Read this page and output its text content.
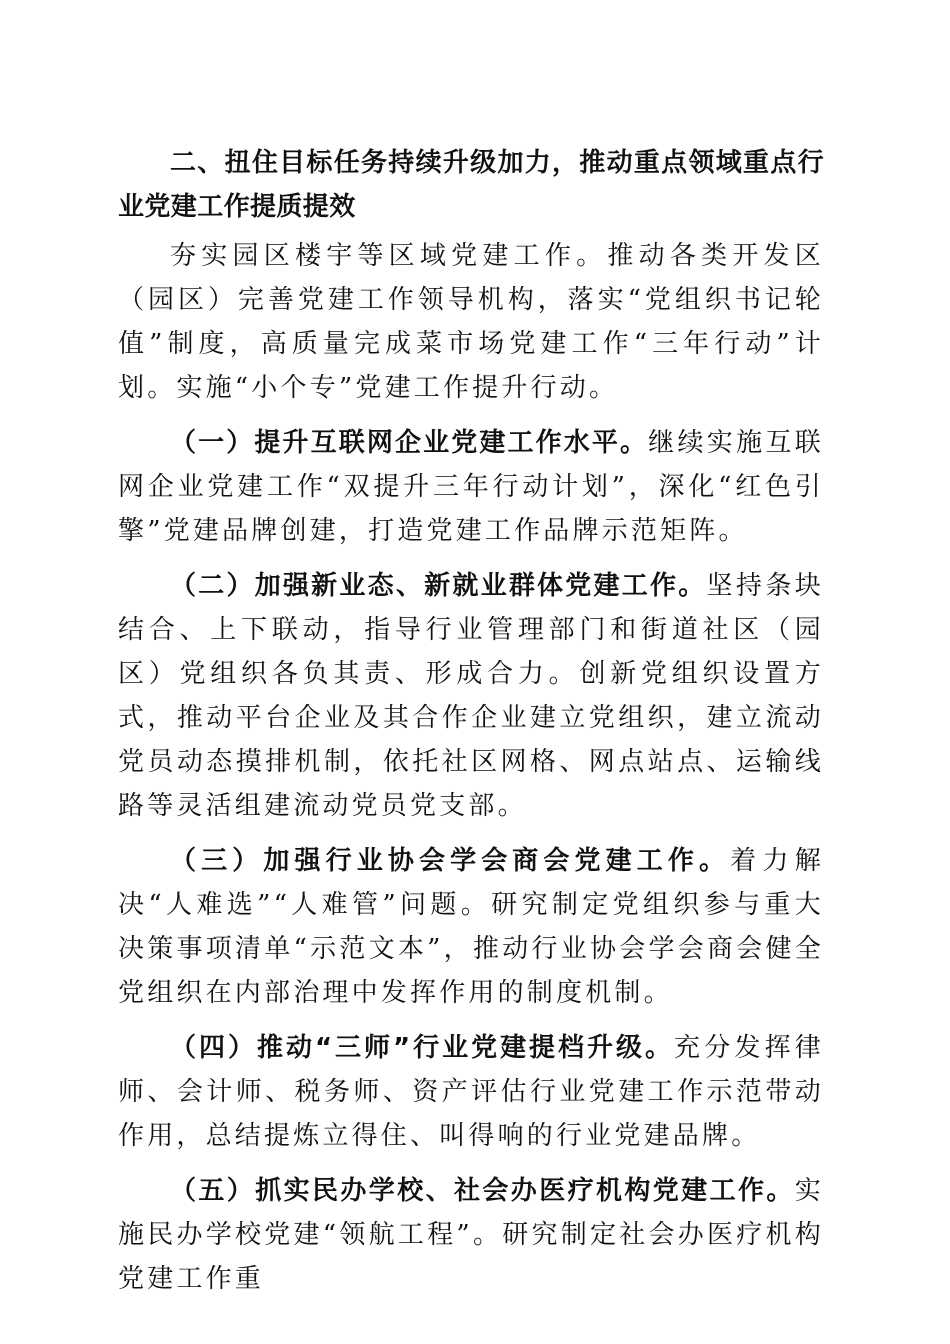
二、扭住目标任务持续升级加力，推动重点领域重点行业党建工作提质提效

夯实园区楼宇等区域党建工作。推动各类开发区（园区）完善党建工作领导机构，落实“党组织书记轮值”制度，高质量完成菜市场党建工作“三年行动”计划。实施“小个专”党建工作提升行动。

（一）提升互联网企业党建工作水平。继续实施互联网企业党建工作“双提升三年行动计划”，深化“红色引擎”党建品牌创建，打造党建工作品牌示范矩阵。

（二）加强新业态、新就业群体党建工作。坚持条块结合、上下联动，指导行业管理部门和街道社区（园区）党组织各负其责、形成合力。创新党组织设置方式，推动平台企业及其合作企业建立党组织，建立流动党员动态摸排机制，依托社区网格、网点站点、运输线路等灵活组建流动党员党支部。

（三）加强行业协会学会商会党建工作。着力解决“人难选”“人难管”问题。研究制定党组织参与重大决策事项清单“示范文本”，推动行业协会学会商会健全党组织在内部治理中发挥作用的制度机制。

（四）推动“三师”行业党建提档升级。充分发挥律师、会计师、税务师、资产评估行业党建工作示范带动作用，总结提炼立得住、叫得响的行业党建品牌。

（五）抓实民办学校、社会办医疗机构党建工作。实施民办学校党建“领航工程”。研究制定社会办医疗机构党建工作重
